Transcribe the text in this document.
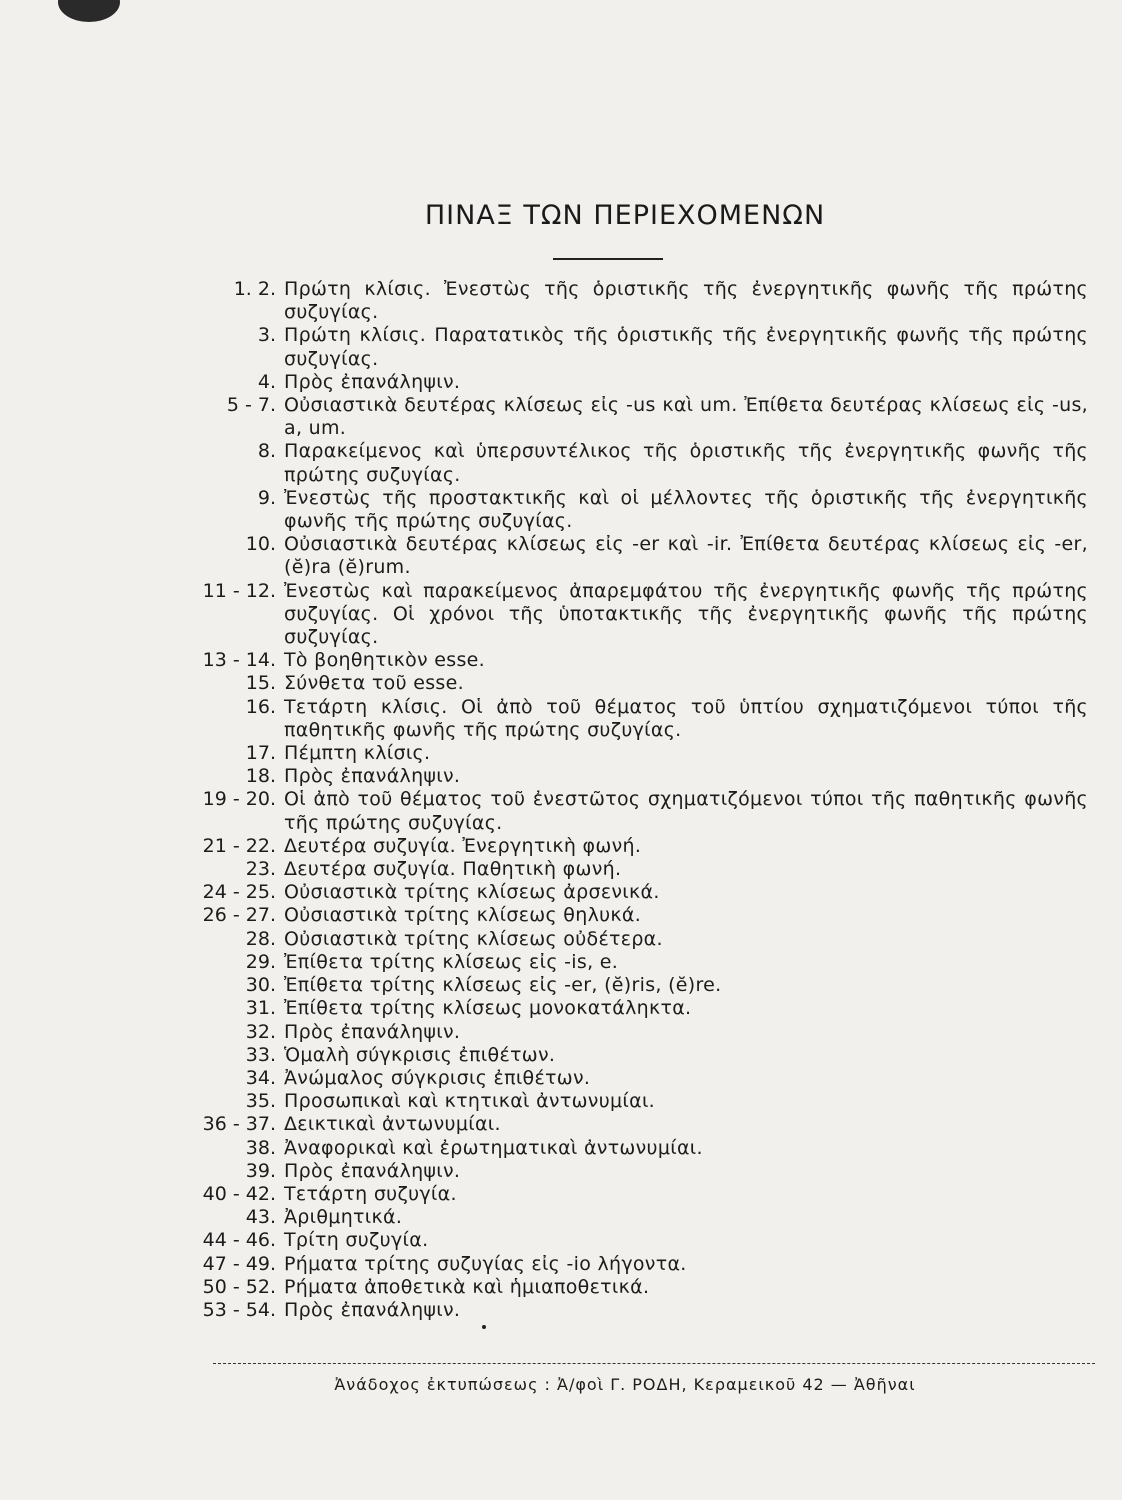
ΠΙΝΑΞ ΤΩΝ ΠΕΡΙΕΧΟΜΕΝΩΝ
1. 2. Πρώτη κλίσις. Ἐνεστὼς τῆς ὁριστικῆς τῆς ἐνεργητικῆς φωνῆς τῆς πρώτης συζυγίας.
3. Πρώτη κλίσις. Παρατατικὸς τῆς ὁριστικῆς τῆς ἐνεργητικῆς φωνῆς τῆς πρώτης συζυγίας.
4. Πρὸς ἐπανάληψιν.
5 - 7. Οὐσιαστικὰ δευτέρας κλίσεως εἰς -us καὶ um. Ἐπίθετα δευτέρας κλίσεως εἰς -us, a, um.
8. Παρακείμενος καὶ ὑπερσυντέλικος τῆς ὁριστικῆς τῆς ἐνεργητικῆς φωνῆς τῆς πρώτης συζυγίας.
9. Ἐνεστὼς τῆς προστακτικῆς καὶ οἱ μέλλοντες τῆς ὁριστικῆς τῆς ἐνεργητικῆς φωνῆς τῆς πρώτης συζυγίας.
10. Οὐσιαστικὰ δευτέρας κλίσεως εἰς -er καὶ -ir. Ἐπίθετα δευτέρας κλίσεως εἰς -er, (ĕ)ra (ĕ)rum.
11 - 12. Ἐνεστὼς καὶ παρακείμενος ἀπαρεμφάτου τῆς ἐνεργητικῆς φωνῆς τῆς πρώτης συζυγίας. Οἱ χρόνοι τῆς ὑποτακτικῆς τῆς ἐνεργητικῆς φωνῆς τῆς πρώτης συζυγίας.
13 - 14. Τὸ βοηθητικὸν esse.
15. Σύνθετα τοῦ esse.
16. Τετάρτη κλίσις. Οἱ ἀπὸ τοῦ θέματος τοῦ ὑπτίου σχηματιζόμενοι τύποι τῆς παθητικῆς φωνῆς τῆς πρώτης συζυγίας.
17. Πέμπτη κλίσις.
18. Πρὸς ἐπανάληψιν.
19 - 20. Οἱ ἀπὸ τοῦ θέματος τοῦ ἐνεστῶτος σχηματιζόμενοι τύποι τῆς παθητικῆς φωνῆς τῆς πρώτης συζυγίας.
21 - 22. Δευτέρα συζυγία. Ἐνεργητικὴ φωνή.
23. Δευτέρα συζυγία. Παθητικὴ φωνή.
24 - 25. Οὐσιαστικὰ τρίτης κλίσεως ἀρσενικά.
26 - 27. Οὐσιαστικὰ τρίτης κλίσεως θηλυκά.
28. Οὐσιαστικὰ τρίτης κλίσεως οὐδέτερα.
29. Ἐπίθετα τρίτης κλίσεως εἰς -is, e.
30. Ἐπίθετα τρίτης κλίσεως εἰς -er, (ĕ)ris, (ĕ)re.
31. Ἐπίθετα τρίτης κλίσεως μονοκατάληκτα.
32. Πρὸς ἐπανάληψιν.
33. Ὁμαλὴ σύγκρισις ἐπιθέτων.
34. Ἀνώμαλος σύγκρισις ἐπιθέτων.
35. Προσωπικαὶ καὶ κτητικαὶ ἀντωνυμίαι.
36 - 37. Δεικτικαὶ ἀντωνυμίαι.
38. Ἀναφορικαὶ καὶ ἐρωτηματικαὶ ἀντωνυμίαι.
39. Πρὸς ἐπανάληψιν.
40 - 42. Τετάρτη συζυγία.
43. Ἀριθμητικά.
44 - 46. Τρίτη συζυγία.
47 - 49. Ρήματα τρίτης συζυγίας εἰς -io λήγοντα.
50 - 52. Ρήματα ἀποθετικὰ καὶ ἡμιαποθετικά.
53 - 54. Πρὸς ἐπανάληψιν.
Ἀνάδοχος ἐκτυπώσεως : Ἀ/φοὶ Γ. ΡΟΔΗ, Κεραμεικοῦ 42 — Ἀθῆναι
